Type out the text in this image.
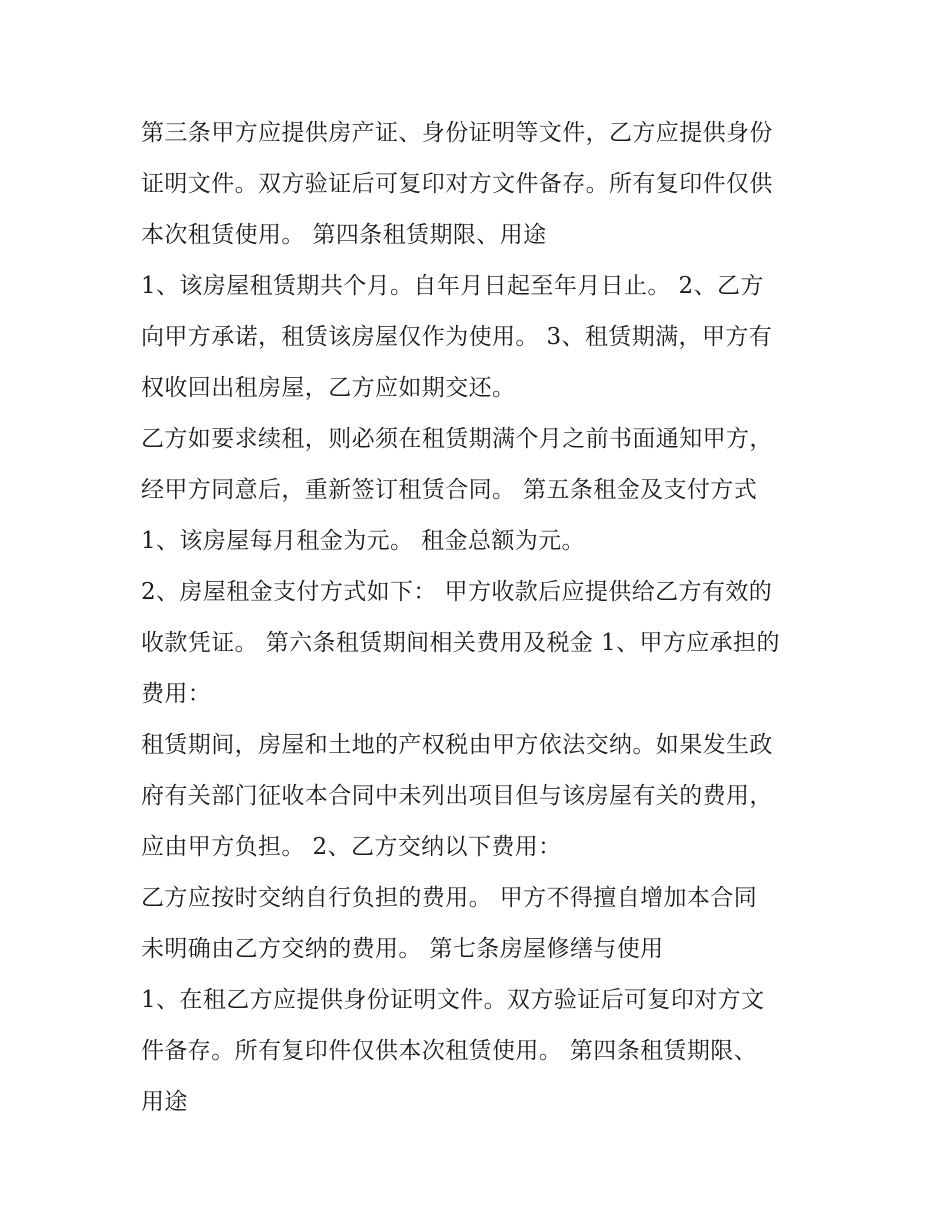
第三条甲方应提供房产证、身份证明等文件，乙方应提供身份

证明文件。双方验证后可复印对方文件备存。所有复印件仅供

本次租赁使用。 第四条租赁期限、用途

1、该房屋租赁期共个月。自年月日起至年月日止。 2、乙方

向甲方承诺，租赁该房屋仅作为使用。 3、租赁期满，甲方有

权收回出租房屋，乙方应如期交还。

乙方如要求续租，则必须在租赁期满个月之前书面通知甲方，

经甲方同意后，重新签订租赁合同。 第五条租金及支付方式

1、该房屋每月租金为元。 租金总额为元。

2、房屋租金支付方式如下： 甲方收款后应提供给乙方有效的

收款凭证。 第六条租赁期间相关费用及税金 1、甲方应承担的

费用：

租赁期间，房屋和土地的产权税由甲方依法交纳。如果发生政

府有关部门征收本合同中未列出项目但与该房屋有关的费用，

应由甲方负担。 2、乙方交纳以下费用：

乙方应按时交纳自行负担的费用。 甲方不得擅自增加本合同

未明确由乙方交纳的费用。 第七条房屋修缮与使用

1、在租乙方应提供身份证明文件。双方验证后可复印对方文

件备存。所有复印件仅供本次租赁使用。 第四条租赁期限、

用途
